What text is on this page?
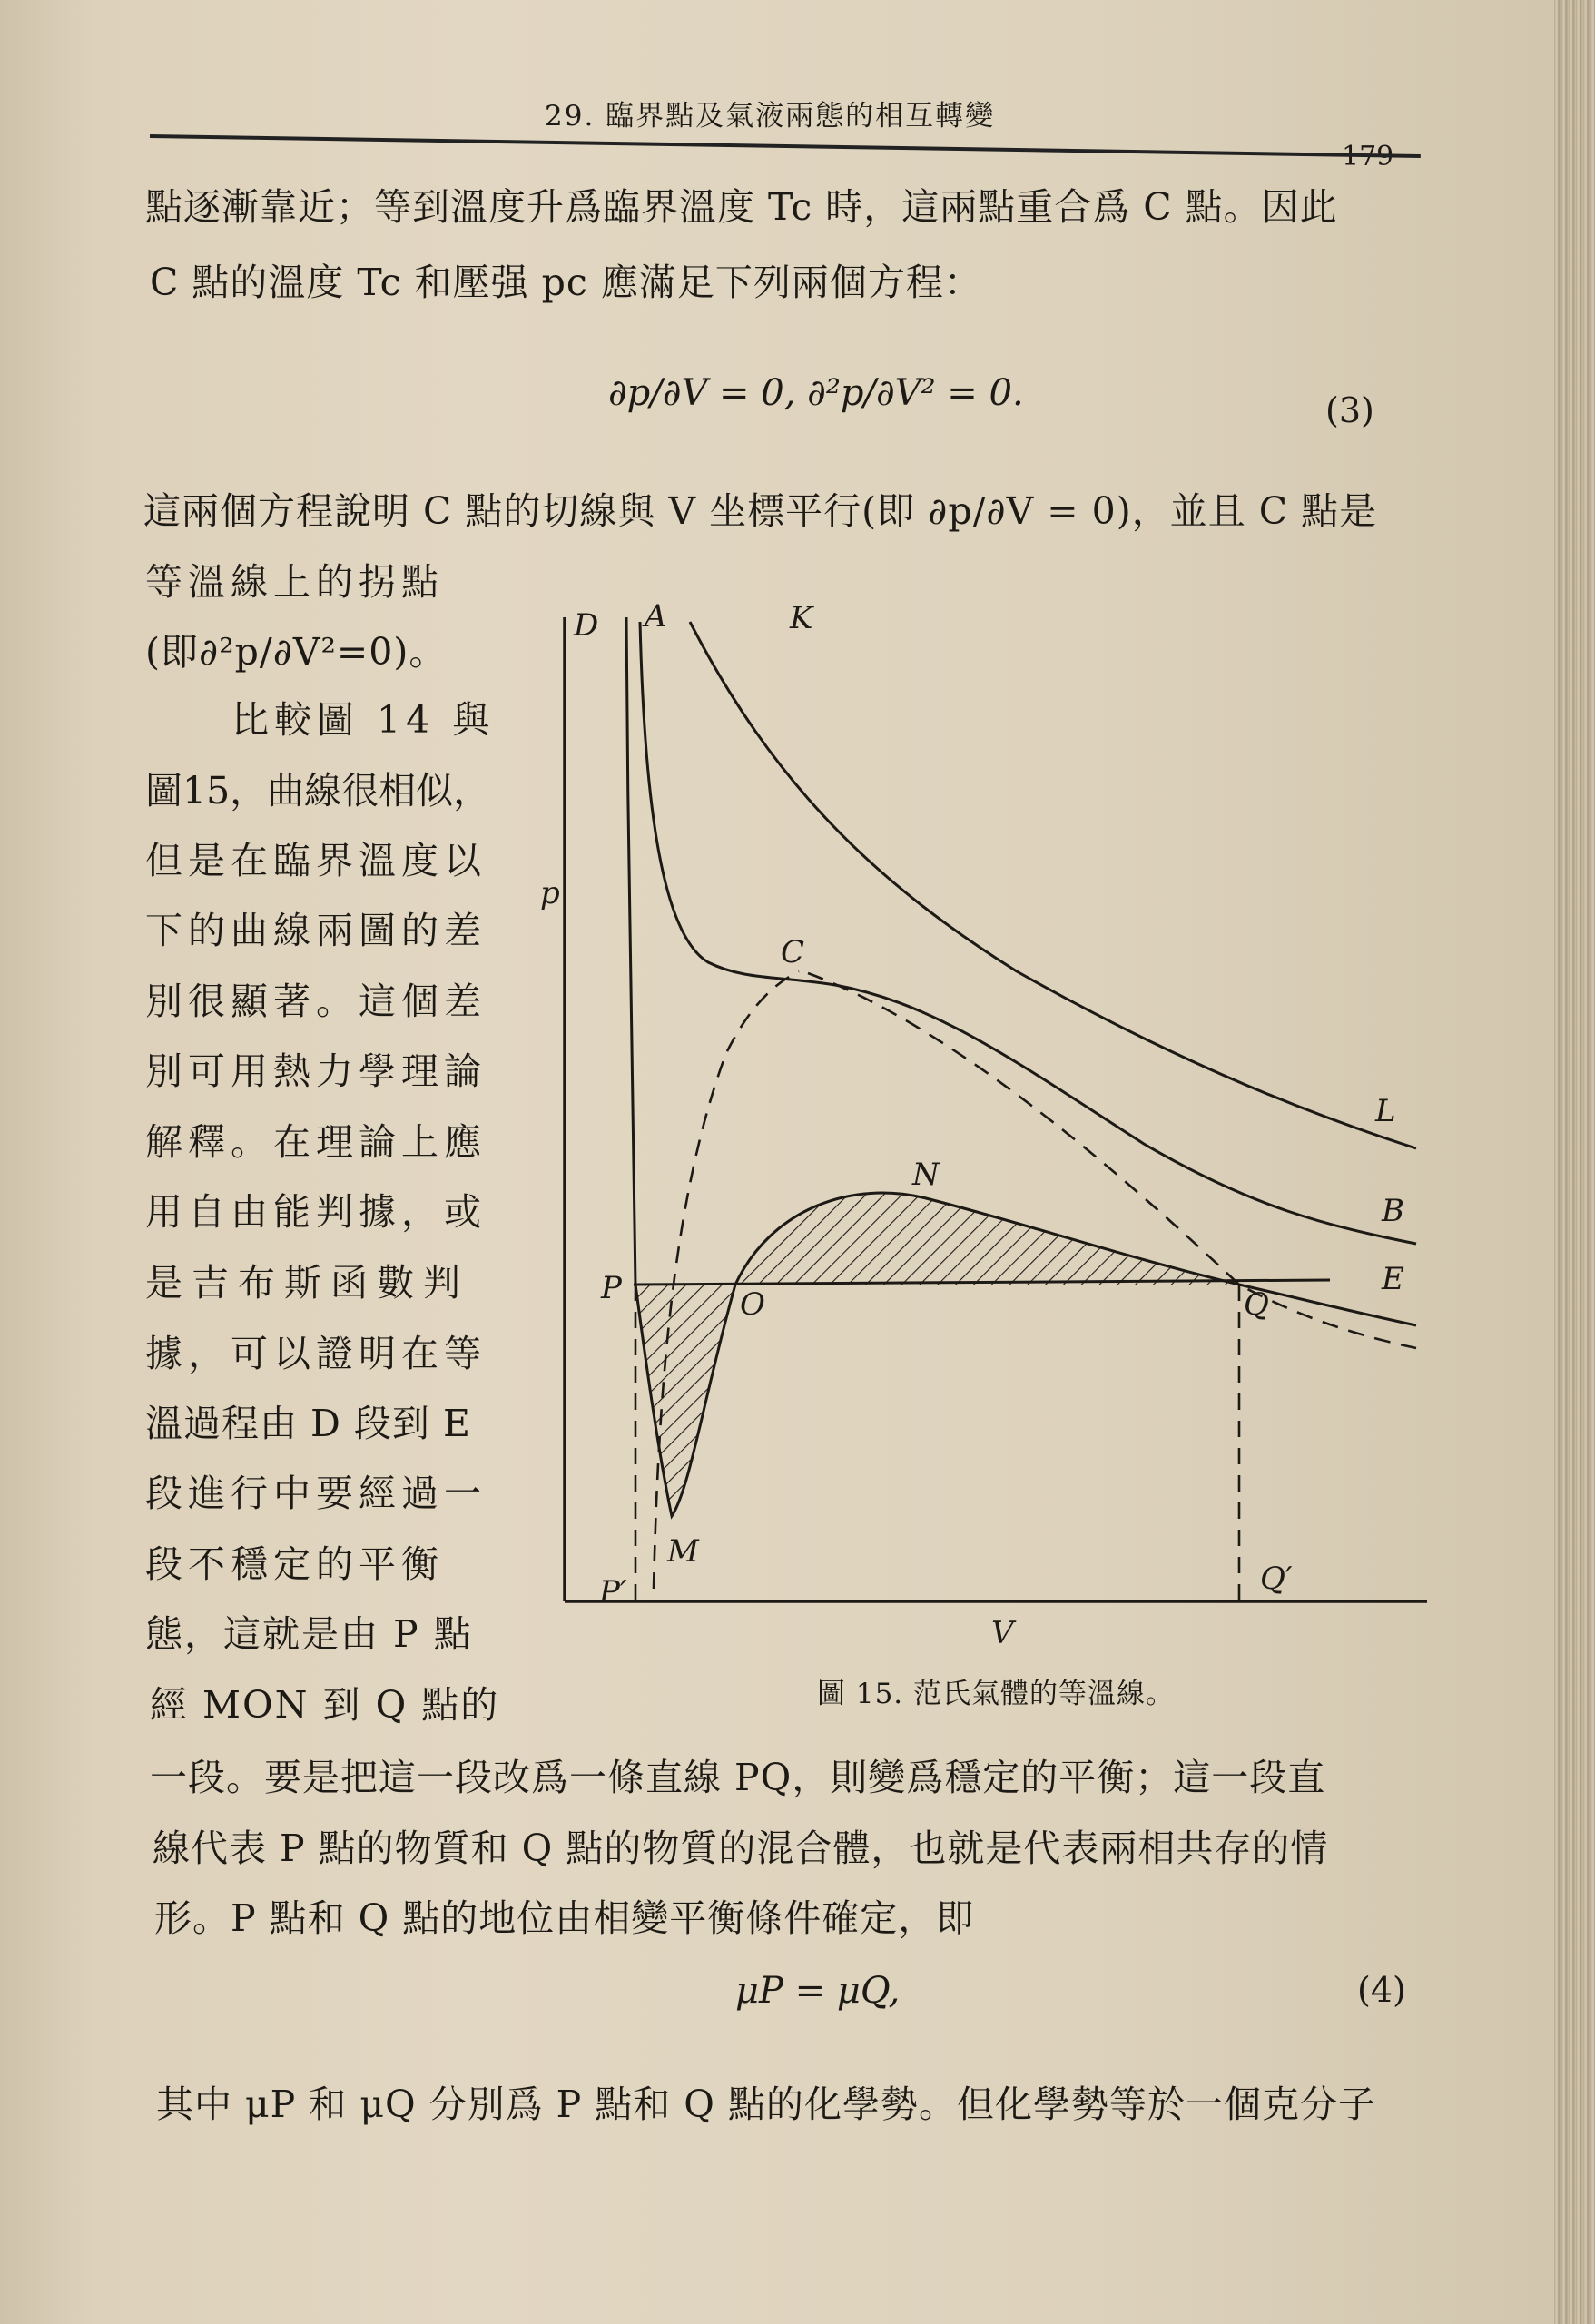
29. 臨界點及氣液兩態的相互轉變
179
點逐漸靠近；等到溫度升爲臨界溫度 Tc 時，這兩點重合爲 C 點。因此
C 點的溫度 Tc 和壓强 pc 應滿足下列兩個方程：
∂p/∂V = 0, ∂²p/∂V² = 0.	(3)
這兩個方程說明 C 點的切線與 V 坐標平行(即 ∂p/∂V = 0)，並且 C 點是
等溫線上的拐點
(即∂²p/∂V²=0)。
比較圖 14 與
圖15，曲線很相似，
但是在臨界溫度以
下的曲線兩圖的差
別很顯著。這個差
別可用熱力學理論
解釋。在理論上應
用自由能判據，或
是吉布斯函數判
據，可以證明在等
溫過程由 D 段到 E
段進行中要經過一
段不穩定的平衡
態，這就是由 P 點
經 MON 到 Q 點的
D A	K
p
C
L
N
B
E
P	O	Q
M
P′	Q′
V
圖 15. 范氏氣體的等溫線。
一段。要是把這一段改爲一條直線 PQ，則變爲穩定的平衡；這一段直
線代表 P 點的物質和 Q 點的物質的混合體，也就是代表兩相共存的情
形。P 點和 Q 點的地位由相變平衡條件確定，即
μP = μQ,	(4)
其中 μP 和 μQ 分別爲 P 點和 Q 點的化學勢。但化學勢等於一個克分子
